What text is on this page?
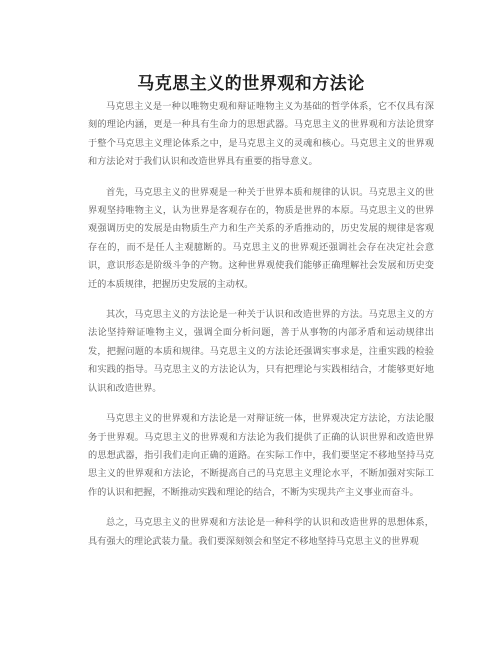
马克思主义的世界观和方法论

马克思主义是一种以唯物史观和辩证唯物主义为基础的哲学体系，它不仅具有深刻的理论内涵，更是一种具有生命力的思想武器。马克思主义的世界观和方法论贯穿于整个马克思主义理论体系之中，是马克思主义的灵魂和核心。马克思主义的世界观和方法论对于我们认识和改造世界具有重要的指导意义。

首先，马克思主义的世界观是一种关于世界本质和规律的认识。马克思主义的世界观坚持唯物主义，认为世界是客观存在的，物质是世界的本原。马克思主义的世界观强调历史的发展是由物质生产力和生产关系的矛盾推动的，历史发展的规律是客观存在的，而不是任人主观臆断的。马克思主义的世界观还强调社会存在决定社会意识，意识形态是阶级斗争的产物。这种世界观使我们能够正确理解社会发展和历史变迁的本质规律，把握历史发展的主动权。

其次，马克思主义的方法论是一种关于认识和改造世界的方法。马克思主义的方法论坚持辩证唯物主义，强调全面分析问题，善于从事物的内部矛盾和运动规律出发，把握问题的本质和规律。马克思主义的方法论还强调实事求是，注重实践的检验和实践的指导。马克思主义的方法论认为，只有把理论与实践相结合，才能够更好地认识和改造世界。

马克思主义的世界观和方法论是一对辩证统一体，世界观决定方法论，方法论服务于世界观。马克思主义的世界观和方法论为我们提供了正确的认识世界和改造世界的思想武器，指引我们走向正确的道路。在实际工作中，我们要坚定不移地坚持马克思主义的世界观和方法论，不断提高自己的马克思主义理论水平，不断加强对实际工作的认识和把握，不断推动实践和理论的结合，不断为实现共产主义事业而奋斗。

总之，马克思主义的世界观和方法论是一种科学的认识和改造世界的思想体系，具有强大的理论武装力量。我们要深刻领会和坚定不移地坚持马克思主义的世界观
